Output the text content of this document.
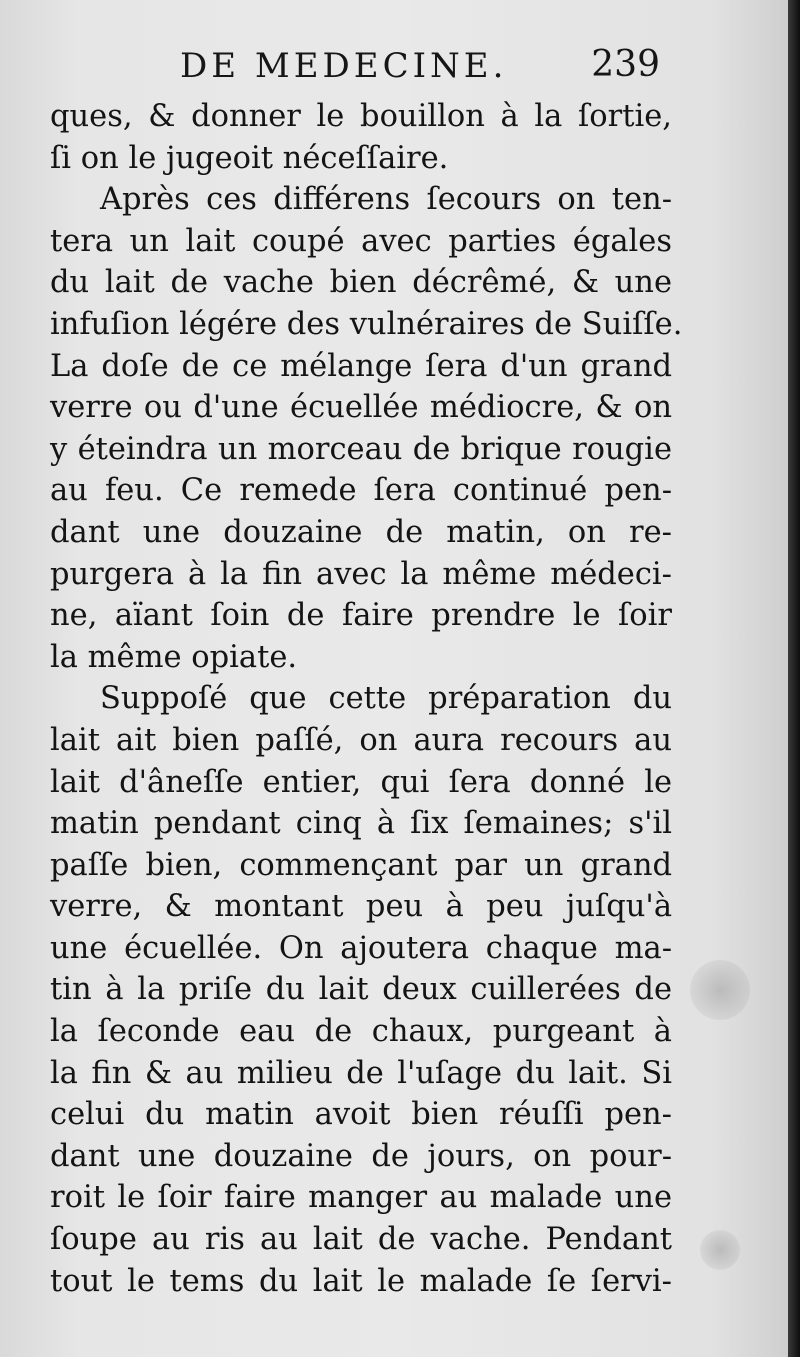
DE MEDECINE. 239
ques, & donner le bouillon à la ſortie,
ſi on le jugeoit néceſſaire.
Après ces différens ſecours on ten-
tera un lait coupé avec parties égales
du lait de vache bien décrêmé, & une
infuſion légére des vulnéraires de Suiſſe.
La doſe de ce mélange ſera d'un grand
verre ou d'une écuellée médiocre, & on
y éteindra un morceau de brique rougie
au feu. Ce remede ſera continué pen-
dant une douzaine de matin, on re-
purgera à la fin avec la même médeci-
ne, aïant ſoin de faire prendre le ſoir
la même opiate.
Suppoſé que cette préparation du
lait ait bien paſſé, on aura recours au
lait d'âneſſe entier, qui ſera donné le
matin pendant cinq à ſix ſemaines; s'il
paſſe bien, commençant par un grand
verre, & montant peu à peu juſqu'à
une écuellée. On ajoutera chaque ma-
tin à la priſe du lait deux cuillerées de
la ſeconde eau de chaux, purgeant à
la fin & au milieu de l'uſage du lait. Si
celui du matin avoit bien réuſſi pen-
dant une douzaine de jours, on pour-
roit le ſoir faire manger au malade une
ſoupe au ris au lait de vache. Pendant
tout le tems du lait le malade ſe ſervi-
